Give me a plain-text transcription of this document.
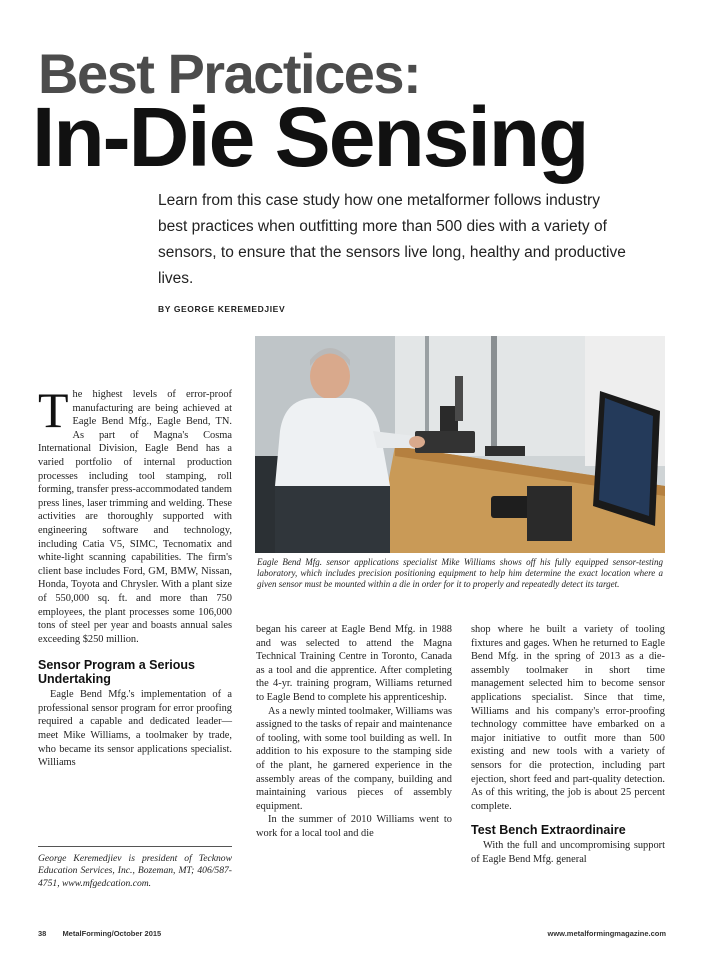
Best Practices:
In-Die Sensing
Learn from this case study how one metalformer follows industry best practices when outfitting more than 500 dies with a variety of sensors, to ensure that the sensors live long, healthy and productive lives.
BY GEORGE KEREMEDJIEV
Eagle Bend Mfg. sensor applications specialist Mike Williams shows off his fully equipped sensor-testing laboratory, which includes precision positioning equipment to help him determine the exact location where a given sensor must be mounted within a die in order for it to properly and repeatedly detect its target.

The highest levels of error-proof manufacturing are being achieved at Eagle Bend Mfg., Eagle Bend, TN. As part of Magna's Cosma International Division, Eagle Bend has a varied portfolio of internal production processes including tool stamping, roll forming, transfer press-accommodated tandem press lines, laser trimming and welding. These activities are thoroughly supported with engineering software and technology, including Catia V5, SIMC, Tecnomatix and white-light scanning capabilities. The firm's client base includes Ford, GM, BMW, Nissan, Honda, Toyota and Chrysler. With a plant size of 550,000 sq. ft. and more than 750 employees, the plant processes some 106,000 tons of steel per year and boasts annual sales exceeding $250 million.

Sensor Program a Serious Undertaking

Eagle Bend Mfg.'s implementation of a professional sensor program for error proofing required a capable and dedicated leader—meet Mike Williams, a toolmaker by trade, who became its sensor applications specialist. Williams

George Keremedjiev is president of Tecknow Education Services, Inc., Bozeman, MT; 406/587-4751, www.mfgedcation.com.

began his career at Eagle Bend Mfg. in 1988 and was selected to attend the Magna Technical Training Centre in Toronto, Canada as a tool and die apprentice. After completing the 4-yr. training program, Williams returned to Eagle Bend to complete his apprenticeship.

As a newly minted toolmaker, Williams was assigned to the tasks of repair and maintenance of tooling, with some tool building as well. In addition to his exposure to the stamping side of the plant, he garnered experience in the assembly areas of the company, building and maintaining various pieces of assembly equipment.

In the summer of 2010 Williams went to work for a local tool and die

shop where he built a variety of tooling fixtures and gages. When he returned to Eagle Bend Mfg. in the spring of 2013 as a die-assembly toolmaker in short time management selected him to become sensor applications specialist. Since that time, Williams and his company's error-proofing technology committee have embarked on a major initiative to outfit more than 500 existing and new tools with a variety of sensors for die protection, including part ejection, short feed and part-quality detection. As of this writing, the job is about 25 percent complete.

Test Bench Extraordinaire

With the full and uncompromising support of Eagle Bend Mfg. general

38 MetalForming/October 2015	www.metalformingmagazine.com
